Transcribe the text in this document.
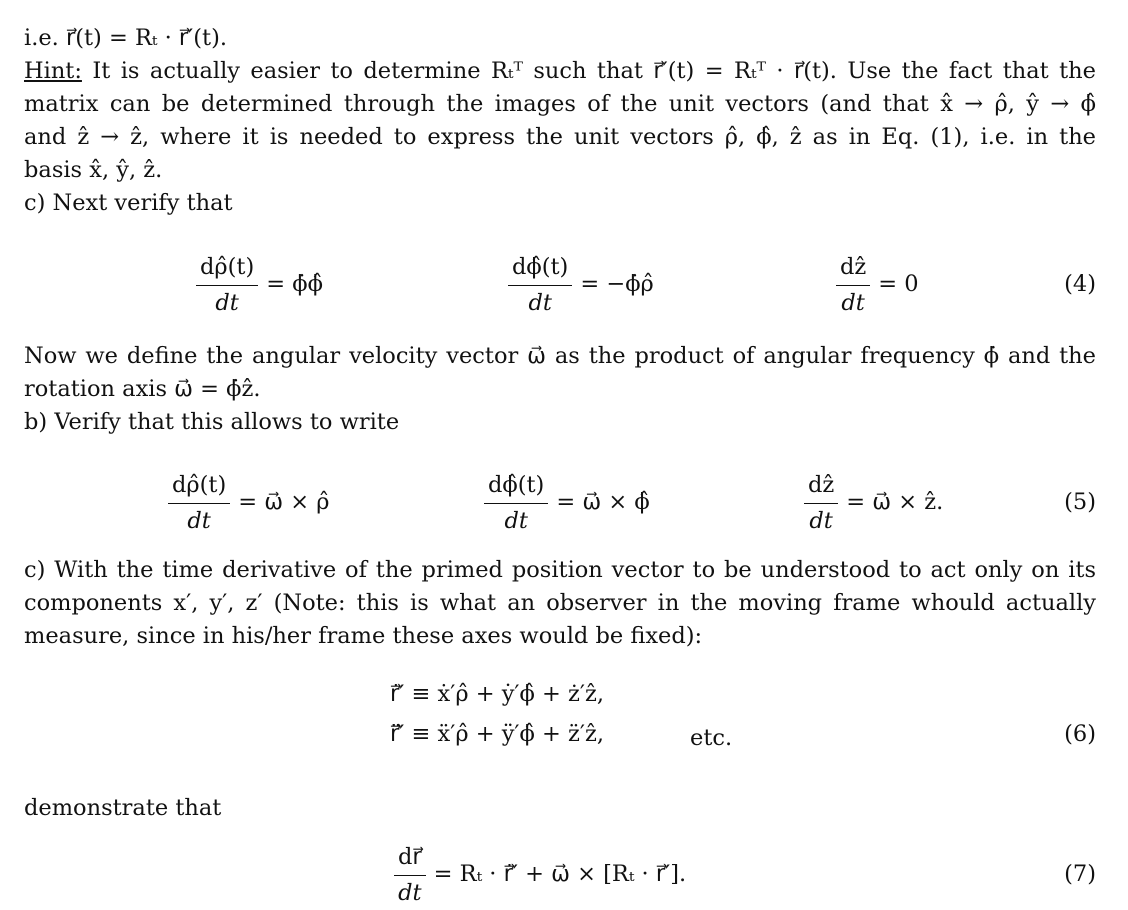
i.e. r⃗(t) = Rₜ · r⃗′(t).
Hint: It is actually easier to determine Rₜᵀ such that r⃗′(t) = Rₜᵀ · r⃗(t). Use the fact that the
matrix can be determined through the images of the unit vectors (and that x̂ → ρ̂, ŷ → ϕ̂
and ẑ → ẑ, where it is needed to express the unit vectors ρ̂, ϕ̂, ẑ as in Eq. (1), i.e. in the
basis x̂, ŷ, ẑ.
c) Next verify that
$\frac{d\rhô(t)}{dt}$ = ϕ̇ϕ̂	$\frac{d\phî(t)}{dt}$ = −ϕ̇ρ̂	$\frac{dẑ}{dt} = 0$	(4)
Now we define the angular velocity vector ω⃗ as the product of angular frequency ϕ̇ and the
rotation axis ω⃗ = ϕ̇ẑ.
b) Verify that this allows to write
$\frac{d\rhô(t)}{dt}$ = ω⃗ × ρ̂	$\frac{d\phî(t)}{dt}$ = ω⃗ × ϕ̂	$\frac{dẑ}{dt}$ = ω⃗ × ẑ.	(5)
c) With the time derivative of the primed position vector to be understood to act only on its
components x′, y′, z′ (Note: this is what an observer in the moving frame whould actually
measure, since in his/her frame these axes would be fixed):
r⃗̇′ ≡ ẋ′ρ̂ + ẏ′ϕ̂ + ż′ẑ,
r⃗̈′ ≡ ẍ′ρ̂ + ÿ′ϕ̂ + z̈′ẑ,	etc.	(6)
demonstrate that
$\frac{dr⃗}{dt} = R_t$ · r⃗̇′ + ω⃗ × [Rₜ · r⃗′].	(7)
